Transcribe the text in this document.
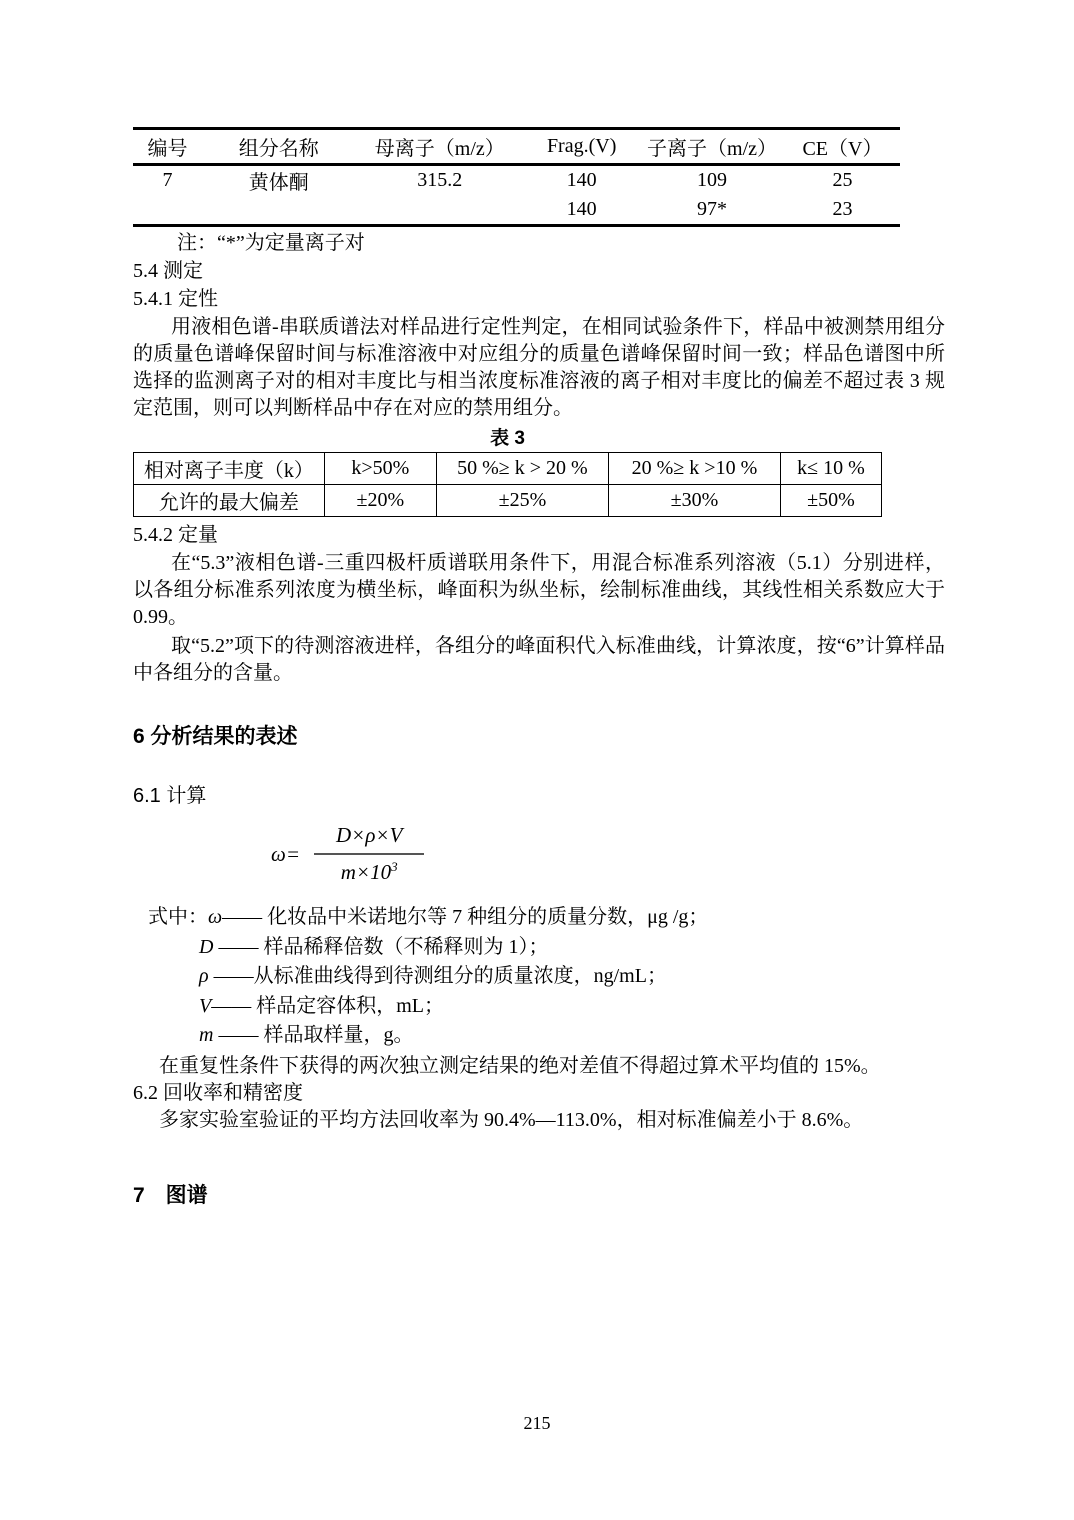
编号	组分名称	母离子（m/z）	Frag.(V)	子离子（m/z）	CE（V）
7	黄体酮	315.2	140	109	25
			140	97*	23
注：“*”为定量离子对
5.4 测定
5.4.1 定性
用液相色谱-串联质谱法对样品进行定性判定，在相同试验条件下，样品中被测禁用组分的质量色谱峰保留时间与标准溶液中对应组分的质量色谱峰保留时间一致；样品色谱图中所选择的监测离子对的相对丰度比与相当浓度标准溶液的离子相对丰度比的偏差不超过表 3 规定范围，则可以判断样品中存在对应的禁用组分。
表 3
相对离子丰度（k）	k>50%	50 %≥ k > 20 %	20 %≥ k >10 %	k≤ 10 %
允许的最大偏差	±20%	±25%	±30%	±50%
5.4.2 定量
在“5.3”液相色谱-三重四极杆质谱联用条件下，用混合标准系列溶液（5.1）分别进样，以各组分标准系列浓度为横坐标，峰面积为纵坐标，绘制标准曲线，其线性相关系数应大于 0.99。
取“5.2”项下的待测溶液进样，各组分的峰面积代入标准曲线，计算浓度，按“6”计算样品中各组分的含量。
6 分析结果的表述
6.1 计算
$\omega= \frac{D\times\rho\times V}{m\times 10^3}$
式中：ω—— 化妆品中米诺地尔等 7 种组分的质量分数，μg /g；
D —— 样品稀释倍数（不稀释则为 1）；
ρ ——从标准曲线得到待测组分的质量浓度，ng/mL；
V—— 样品定容体积，mL；
m —— 样品取样量，g。
在重复性条件下获得的两次独立测定结果的绝对差值不得超过算术平均值的 15%。
6.2 回收率和精密度
多家实验室验证的平均方法回收率为 90.4%—113.0%，相对标准偏差小于 8.6%。
7　图谱
215
